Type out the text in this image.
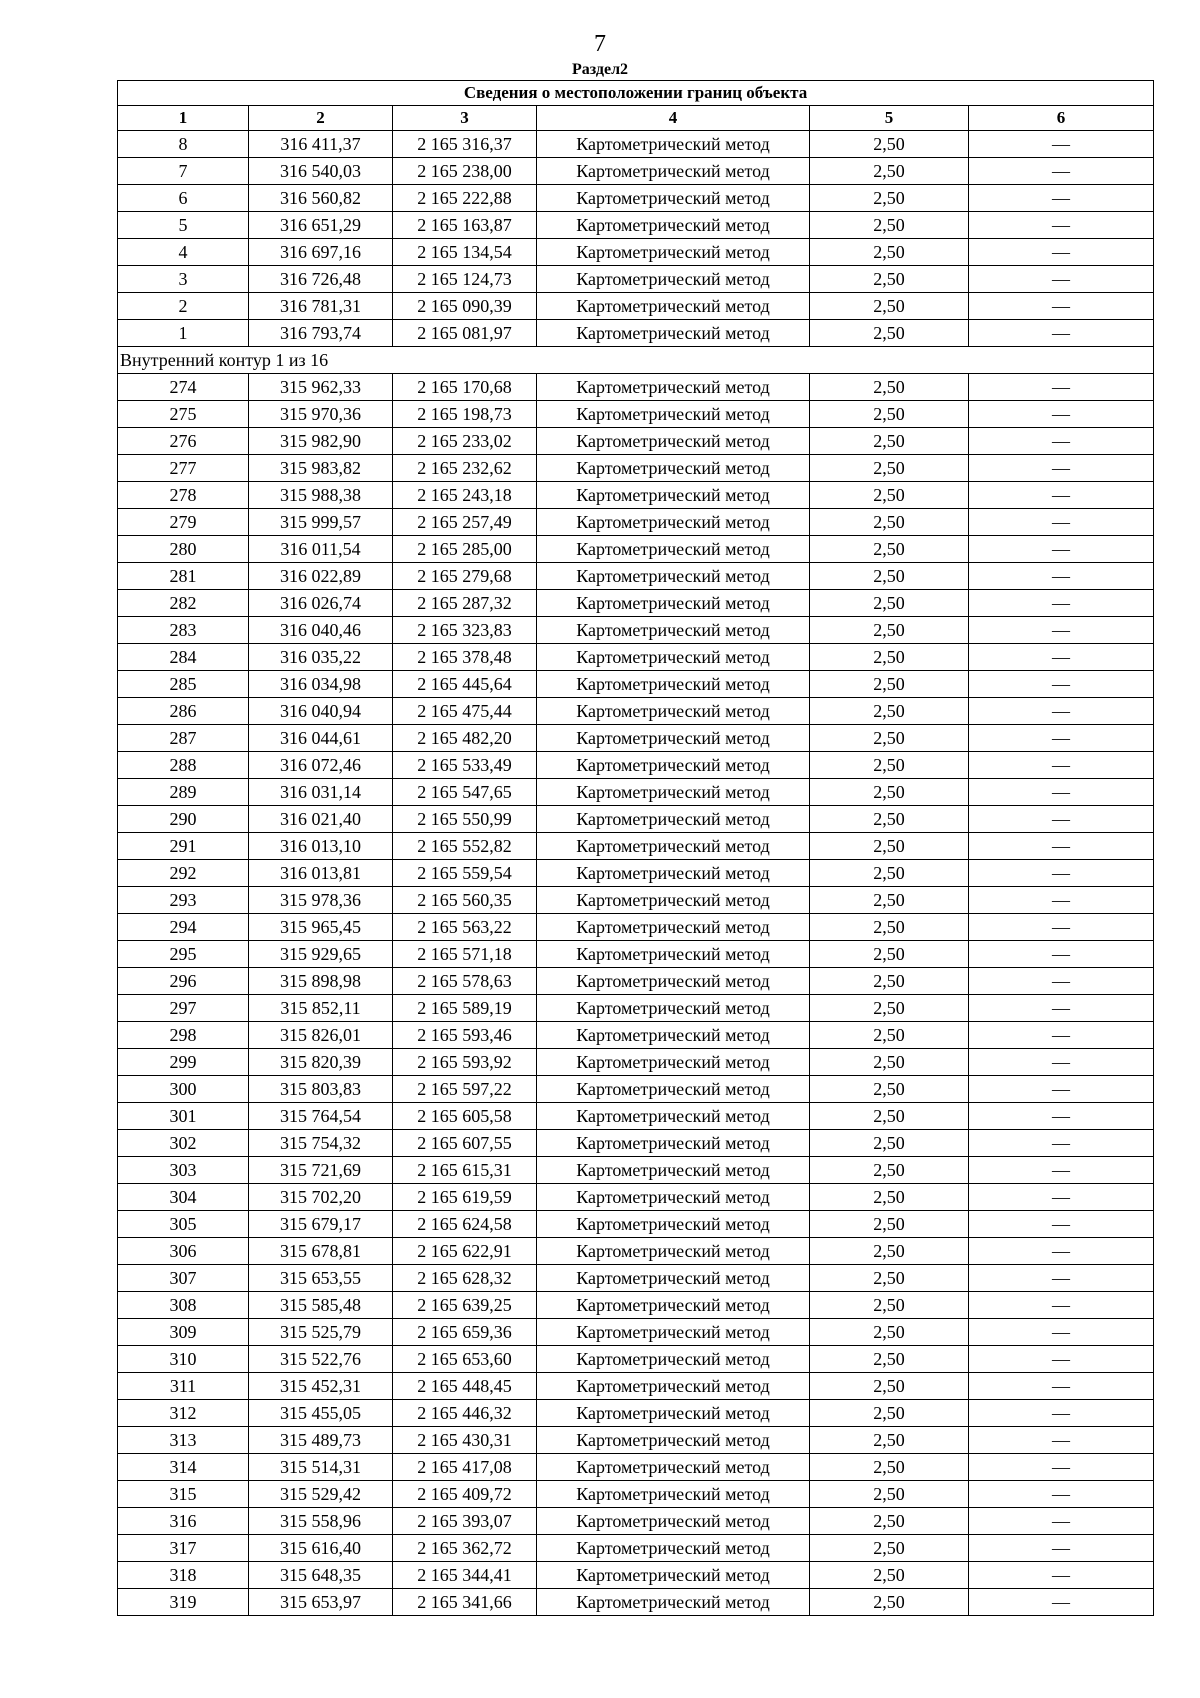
7
Раздел2
Сведения о местоположении границ объекта					
1	2	3	4	5	6
8	316 411,37	2 165 316,37	Картометрический метод	2,50	—
7	316 540,03	2 165 238,00	Картометрический метод	2,50	—
6	316 560,82	2 165 222,88	Картометрический метод	2,50	—
5	316 651,29	2 165 163,87	Картометрический метод	2,50	—
4	316 697,16	2 165 134,54	Картометрический метод	2,50	—
3	316 726,48	2 165 124,73	Картометрический метод	2,50	—
2	316 781,31	2 165 090,39	Картометрический метод	2,50	—
1	316 793,74	2 165 081,97	Картометрический метод	2,50	—
Внутренний контур 1 из 16					
274	315 962,33	2 165 170,68	Картометрический метод	2,50	—
275	315 970,36	2 165 198,73	Картометрический метод	2,50	—
276	315 982,90	2 165 233,02	Картометрический метод	2,50	—
277	315 983,82	2 165 232,62	Картометрический метод	2,50	—
278	315 988,38	2 165 243,18	Картометрический метод	2,50	—
279	315 999,57	2 165 257,49	Картометрический метод	2,50	—
280	316 011,54	2 165 285,00	Картометрический метод	2,50	—
281	316 022,89	2 165 279,68	Картометрический метод	2,50	—
282	316 026,74	2 165 287,32	Картометрический метод	2,50	—
283	316 040,46	2 165 323,83	Картометрический метод	2,50	—
284	316 035,22	2 165 378,48	Картометрический метод	2,50	—
285	316 034,98	2 165 445,64	Картометрический метод	2,50	—
286	316 040,94	2 165 475,44	Картометрический метод	2,50	—
287	316 044,61	2 165 482,20	Картометрический метод	2,50	—
288	316 072,46	2 165 533,49	Картометрический метод	2,50	—
289	316 031,14	2 165 547,65	Картометрический метод	2,50	—
290	316 021,40	2 165 550,99	Картометрический метод	2,50	—
291	316 013,10	2 165 552,82	Картометрический метод	2,50	—
292	316 013,81	2 165 559,54	Картометрический метод	2,50	—
293	315 978,36	2 165 560,35	Картометрический метод	2,50	—
294	315 965,45	2 165 563,22	Картометрический метод	2,50	—
295	315 929,65	2 165 571,18	Картометрический метод	2,50	—
296	315 898,98	2 165 578,63	Картометрический метод	2,50	—
297	315 852,11	2 165 589,19	Картометрический метод	2,50	—
298	315 826,01	2 165 593,46	Картометрический метод	2,50	—
299	315 820,39	2 165 593,92	Картометрический метод	2,50	—
300	315 803,83	2 165 597,22	Картометрический метод	2,50	—
301	315 764,54	2 165 605,58	Картометрический метод	2,50	—
302	315 754,32	2 165 607,55	Картометрический метод	2,50	—
303	315 721,69	2 165 615,31	Картометрический метод	2,50	—
304	315 702,20	2 165 619,59	Картометрический метод	2,50	—
305	315 679,17	2 165 624,58	Картометрический метод	2,50	—
306	315 678,81	2 165 622,91	Картометрический метод	2,50	—
307	315 653,55	2 165 628,32	Картометрический метод	2,50	—
308	315 585,48	2 165 639,25	Картометрический метод	2,50	—
309	315 525,79	2 165 659,36	Картометрический метод	2,50	—
310	315 522,76	2 165 653,60	Картометрический метод	2,50	—
311	315 452,31	2 165 448,45	Картометрический метод	2,50	—
312	315 455,05	2 165 446,32	Картометрический метод	2,50	—
313	315 489,73	2 165 430,31	Картометрический метод	2,50	—
314	315 514,31	2 165 417,08	Картометрический метод	2,50	—
315	315 529,42	2 165 409,72	Картометрический метод	2,50	—
316	315 558,96	2 165 393,07	Картометрический метод	2,50	—
317	315 616,40	2 165 362,72	Картометрический метод	2,50	—
318	315 648,35	2 165 344,41	Картометрический метод	2,50	—
319	315 653,97	2 165 341,66	Картометрический метод	2,50	—
